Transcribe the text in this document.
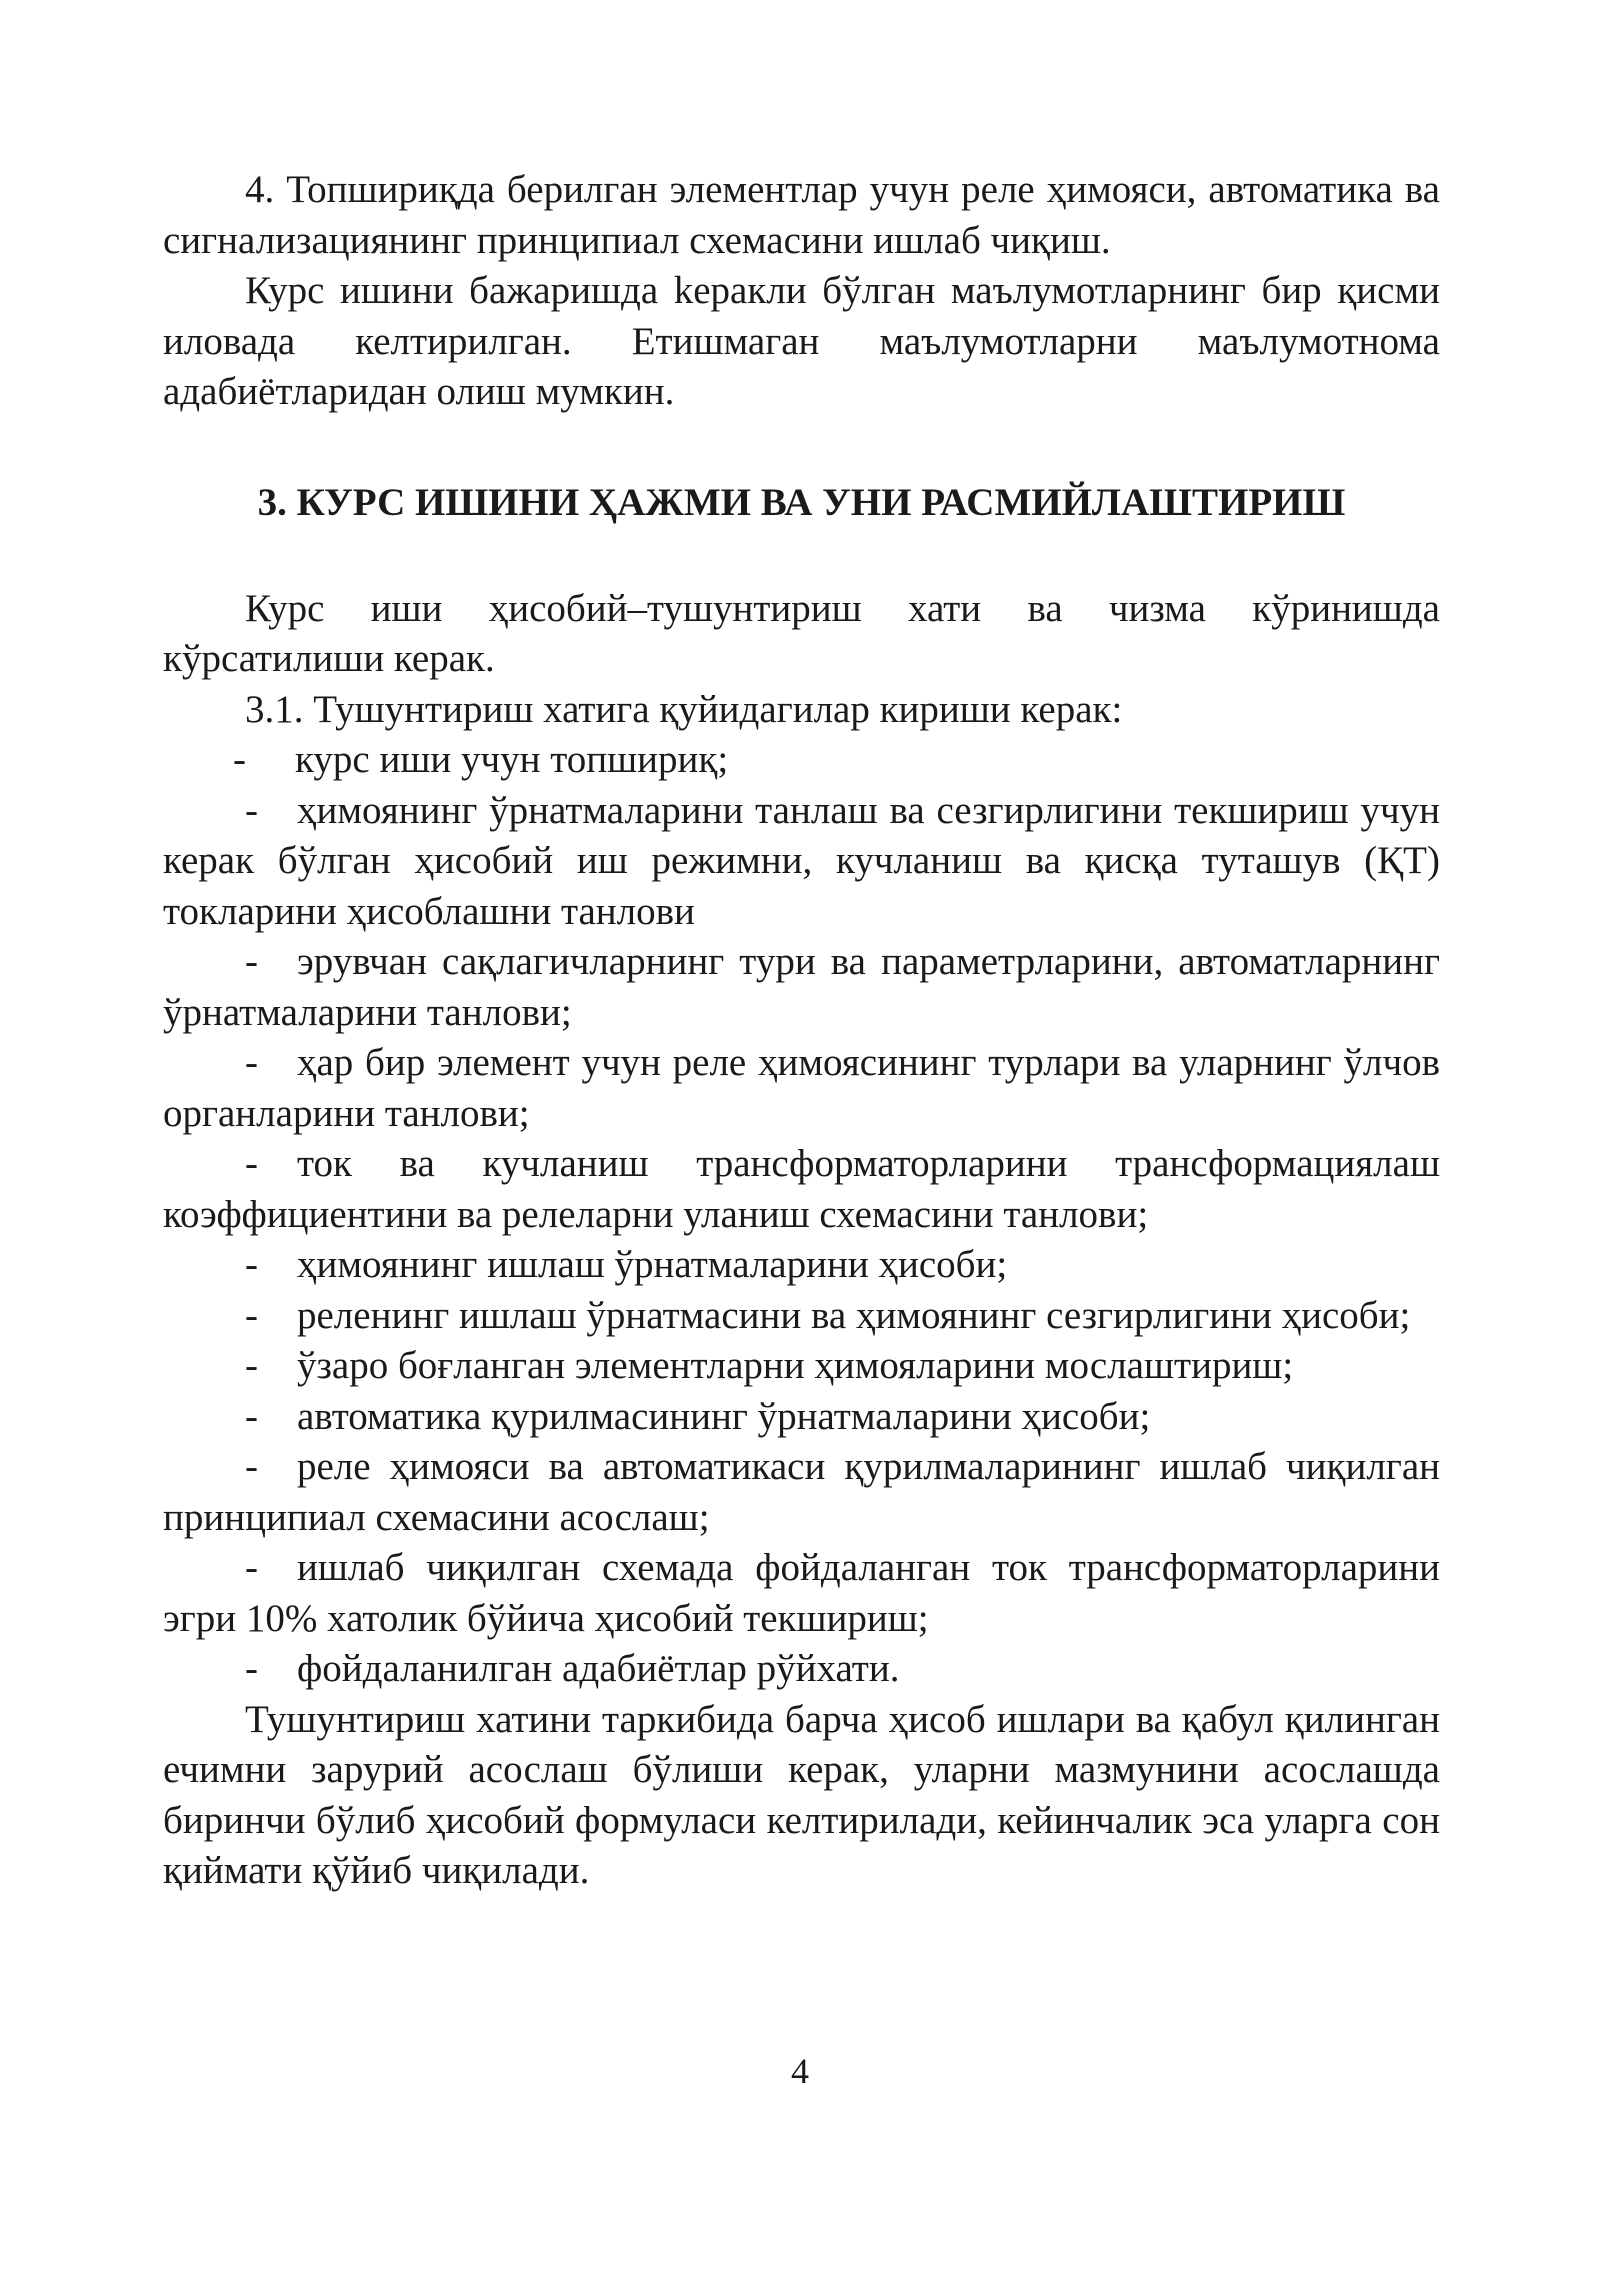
4. Топшириқда берилган элементлар учун реле ҳимояси, автоматика ва сигнализациянинг принципиал схемасини ишлаб чиқиш.

Курс ишини бажаришда keракли бўлган маълумотларнинг бир қисми иловада келтирилган. Етишмаган маълумотларни маълумотнома адабиётларидан олиш мумкин.

3. КУРС ИШИНИ ҲАЖМИ ВА УНИ РАСМИЙЛАШТИРИШ

Курс иши ҳисобий–тушунтириш хати ва чизма кўринишда кўрсатилиши керак.

3.1. Тушунтириш хатига қуйидагилар кириши керак:

- курс иши учун топшириқ;

- ҳимоянинг ўрнатмаларини танлаш ва сезгирлигини текшириш учун керак бўлган ҳисобий иш режимни, кучланиш ва қисқа туташув (ҚТ) токларини ҳисоблашни танлови

- эрувчан сақлагичларнинг тури ва параметрларини, автоматларнинг ўрнатмаларини танлови;

- ҳар бир элемент учун реле ҳимоясининг турлари ва уларнинг ўлчов органларини танлови;

- ток ва кучланиш трансформаторларини трансформациялаш коэффициентини ва релеларни уланиш схемасини танлови;

- ҳимоянинг ишлаш ўрнатмаларини ҳисоби;

- реленинг ишлаш ўрнатмасини ва ҳимоянинг сезгирлигини ҳисоби;

- ўзаро боғланган элементларни ҳимояларини мослаштириш;

- автоматика қурилмасининг ўрнатмаларини ҳисоби;

- реле ҳимояси ва автоматикаси қурилмаларининг ишлаб чиқилган принципиал схемасини асослаш;

- ишлаб чиқилган схемада фойдаланган ток трансформаторларини эгри 10% хатолик бўйича ҳисобий текшириш;

- фойдаланилган адабиётлар рўйхати.

Тушунтириш хатини таркибида барча ҳисоб ишлари ва қабул қилинган ечимни зарурий асослаш бўлиши керак, уларни мазмунини асослашда биринчи бўлиб ҳисобий формуласи келтирилади, кейинчалик эса уларга сон қиймати қўйиб чиқилади.

4
